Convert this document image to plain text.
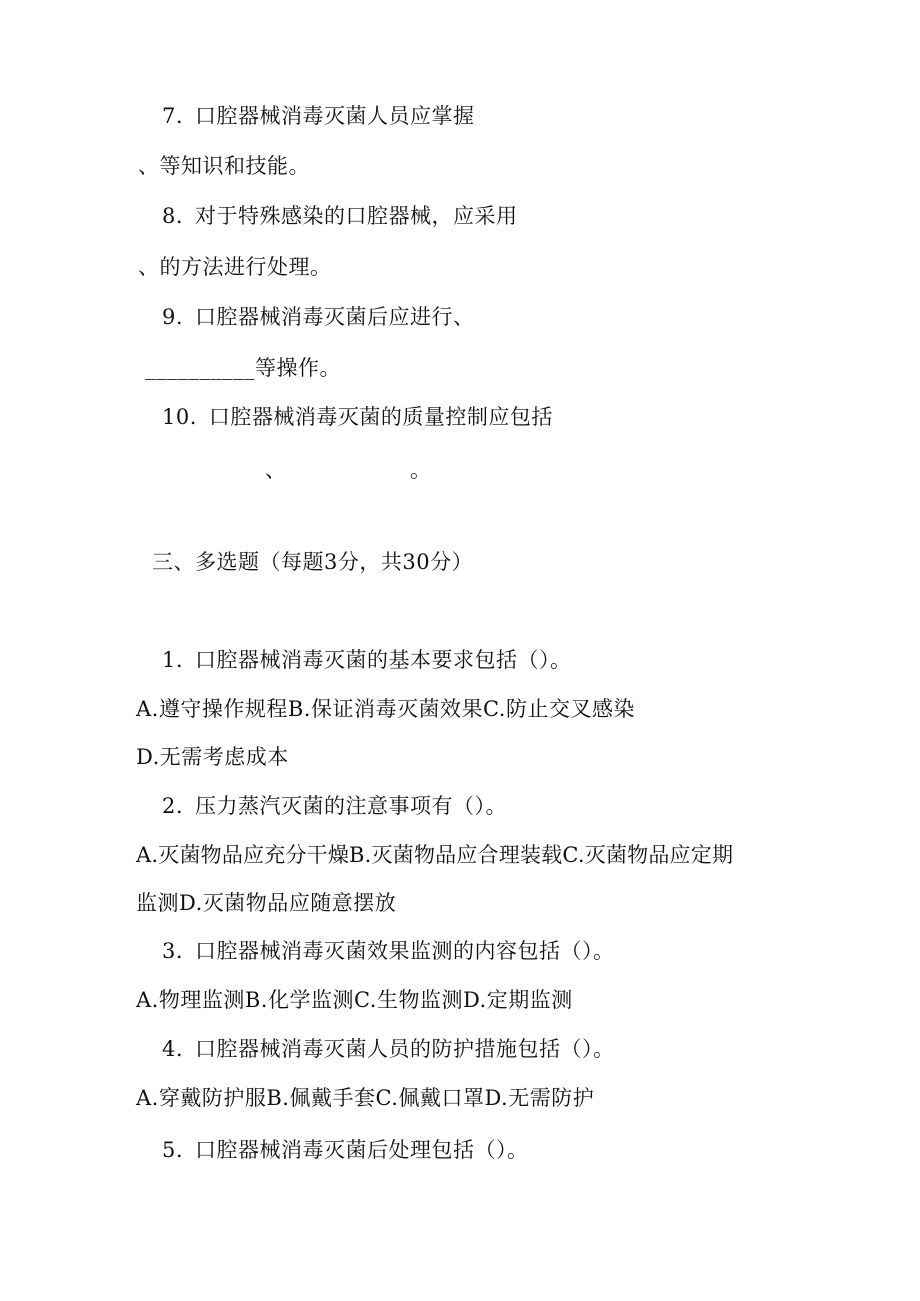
7. 口腔器械消毒灭菌人员应掌握
、等知识和技能。
8. 对于特殊感染的口腔器械，应采用
、的方法进行处理。
9. 口腔器械消毒灭菌后应进行、
__________等操作。
10. 口腔器械消毒灭菌的质量控制应包括
、	。
三、多选题（每题3分，共30分）
1. 口腔器械消毒灭菌的基本要求包括（）。
A.遵守操作规程B.保证消毒灭菌效果C.防止交叉感染
D.无需考虑成本
2. 压力蒸汽灭菌的注意事项有（）。
A.灭菌物品应充分干燥B.灭菌物品应合理装载C.灭菌物品应定期
监测D.灭菌物品应随意摆放
3. 口腔器械消毒灭菌效果监测的内容包括（）。
A.物理监测B.化学监测C.生物监测D.定期监测
4. 口腔器械消毒灭菌人员的防护措施包括（）。
A.穿戴防护服B.佩戴手套C.佩戴口罩D.无需防护
5. 口腔器械消毒灭菌后处理包括（）。
